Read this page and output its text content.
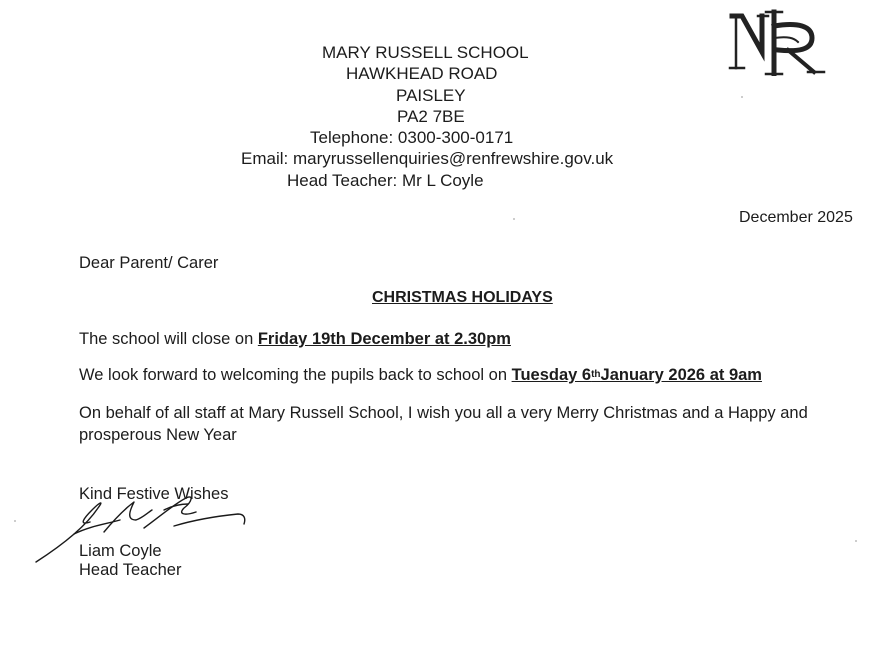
MARY RUSSELL SCHOOL
HAWKHEAD ROAD
PAISLEY
PA2 7BE
Telephone: 0300-300-0171
Email: maryrussellenquiries@renfrewshire.gov.uk
Head Teacher: Mr L Coyle
December 2025
Dear Parent/ Carer
CHRISTMAS HOLIDAYS
The school will close on Friday 19th December at 2.30pm
We look forward to welcoming the pupils back to school on Tuesday 6thJanuary 2026 at 9am
On behalf of all staff at Mary Russell School, I wish you all a very Merry Christmas and a Happy and
prosperous New Year
Kind Festive Wishes
Liam Coyle
Head Teacher
